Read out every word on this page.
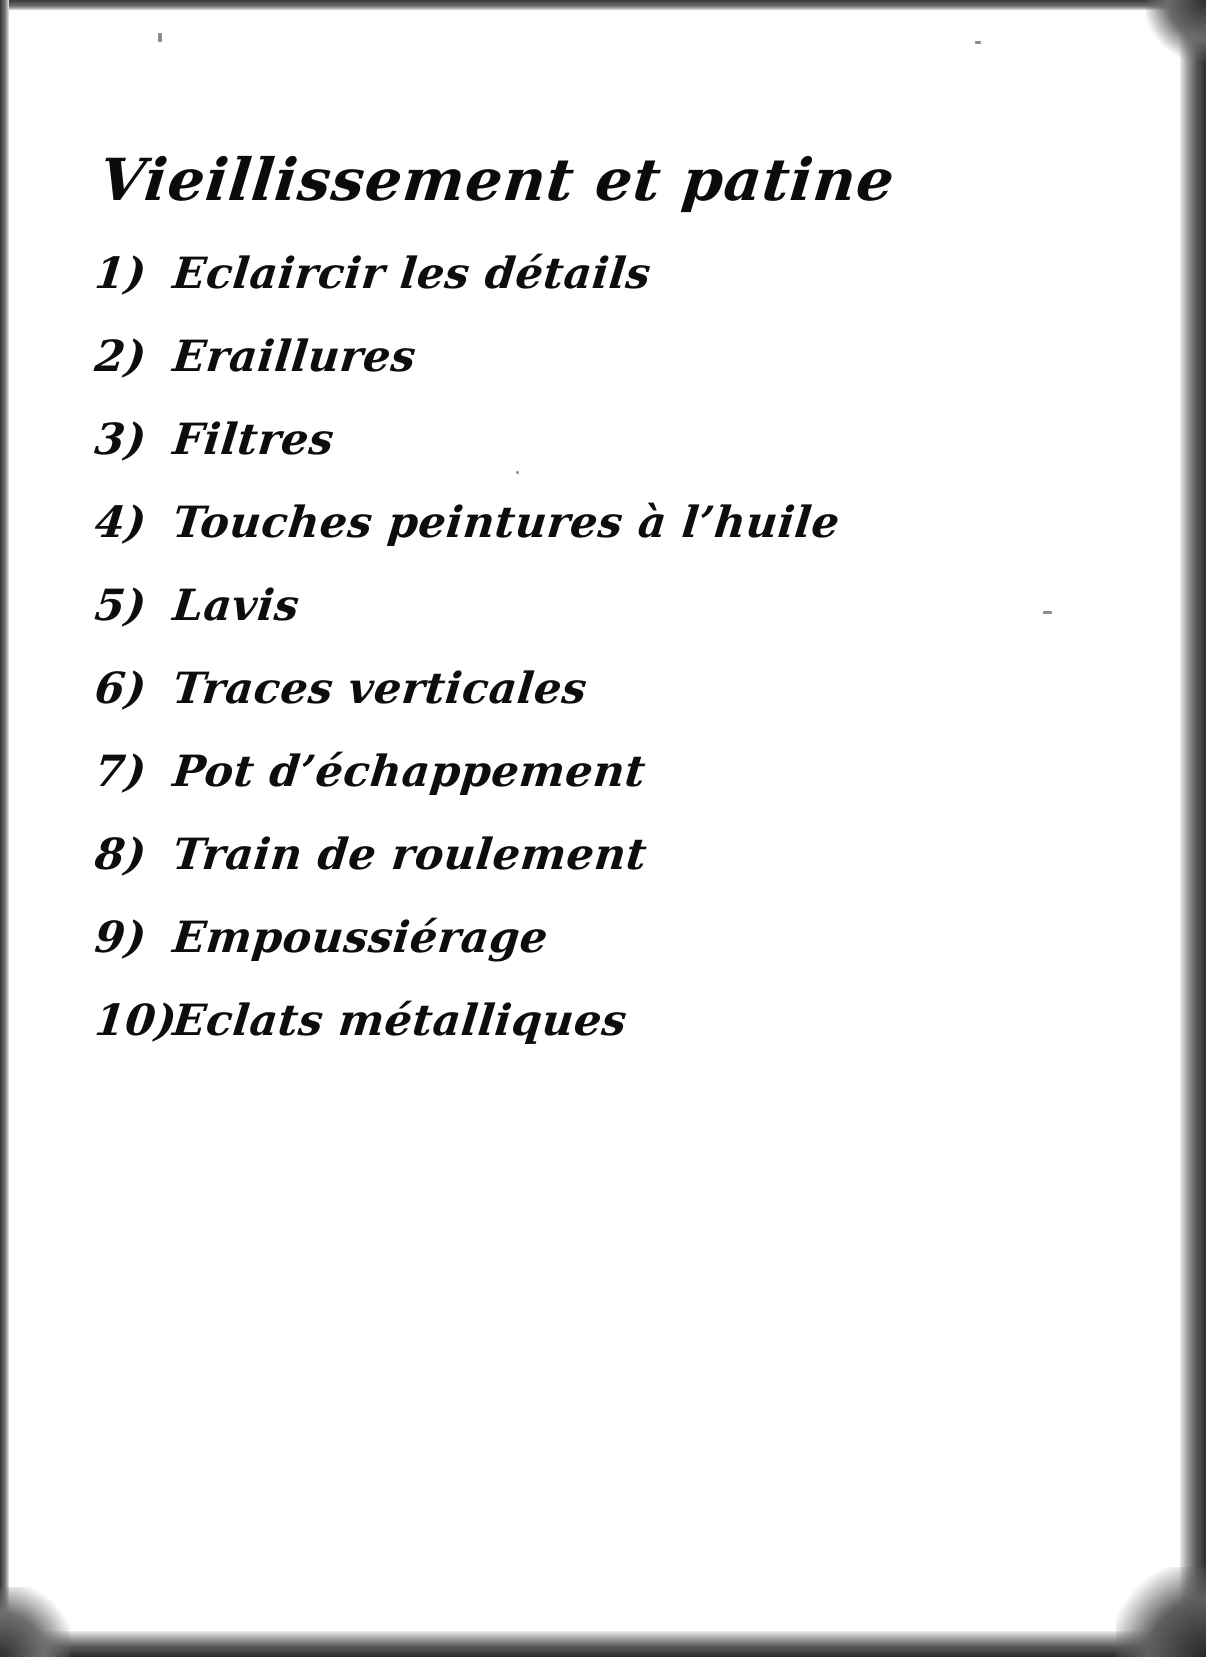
Vieillissement et patine
1) Eclaircir les détails
2) Eraillures
3) Filtres
4) Touches peintures à l’huile
5) Lavis
6) Traces verticales
7) Pot d’échappement
8) Train de roulement
9) Empoussiérage
10)
Eclats métalliques
